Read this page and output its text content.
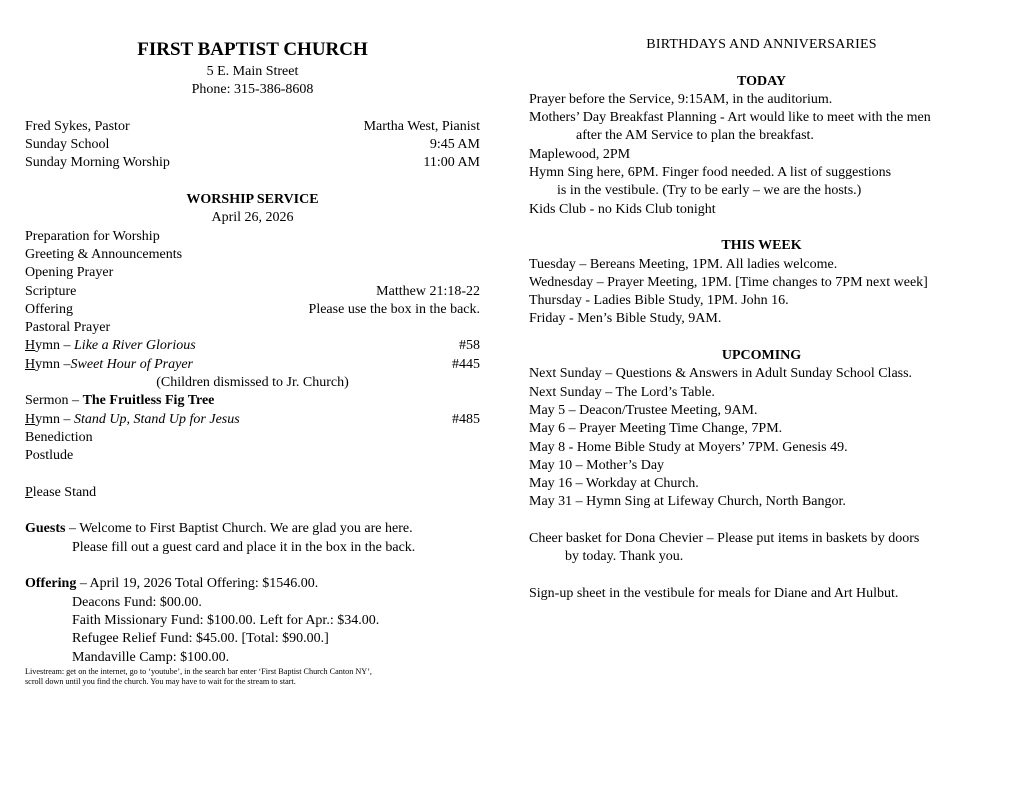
FIRST BAPTIST CHURCH
5 E. Main Street
Phone: 315-386-8608
Fred Sykes, Pastor	Martha West, Pianist
Sunday School	9:45 AM
Sunday Morning Worship	11:00 AM
WORSHIP SERVICE
April 26, 2026
Preparation for Worship
Greeting & Announcements
Opening Prayer
Scripture	Matthew 21:18-22
Offering	Please use the box in the back.
Pastoral Prayer
Hymn – Like a River Glorious	#58
Hymn –Sweet Hour of Prayer	#445
(Children dismissed to Jr. Church)
Sermon – The Fruitless Fig Tree
Hymn – Stand Up, Stand Up for Jesus	#485
Benediction
Postlude
Please Stand
Guests – Welcome to First Baptist Church. We are glad you are here.
Please fill out a guest card and place it in the box in the back.
Offering – April 19, 2026 Total Offering: $1546.00.
Deacons Fund: $00.00.
Faith Missionary Fund: $100.00. Left for Apr.: $34.00.
Refugee Relief Fund: $45.00. [Total: $90.00.]
Mandaville Camp: $100.00.
Livestream: get on the internet, go to ‘youtube’, in the search bar enter ‘First Baptist Church Canton NY’,
scroll down until you find the church. You may have to wait for the stream to start.
BIRTHDAYS AND ANNIVERSARIES
TODAY
Prayer before the Service, 9:15AM, in the auditorium.
Mothers’ Day Breakfast Planning - Art would like to meet with the men
after the AM Service to plan the breakfast.
Maplewood, 2PM
Hymn Sing here, 6PM. Finger food needed. A list of suggestions
is in the vestibule. (Try to be early – we are the hosts.)
Kids Club - no Kids Club tonight
THIS WEEK
Tuesday – Bereans Meeting, 1PM. All ladies welcome.
Wednesday – Prayer Meeting, 1PM. [Time changes to 7PM next week]
Thursday - Ladies Bible Study, 1PM. John 16.
Friday - Men’s Bible Study, 9AM.
UPCOMING
Next Sunday – Questions & Answers in Adult Sunday School Class.
Next Sunday – The Lord’s Table.
May 5 – Deacon/Trustee Meeting, 9AM.
May 6 – Prayer Meeting Time Change, 7PM.
May 8 - Home Bible Study at Moyers’ 7PM. Genesis 49.
May 10 – Mother’s Day
May 16 – Workday at Church.
May 31 – Hymn Sing at Lifeway Church, North Bangor.
Cheer basket for Dona Chevier – Please put items in baskets by doors
by today. Thank you.
Sign-up sheet in the vestibule for meals for Diane and Art Hulbut.
